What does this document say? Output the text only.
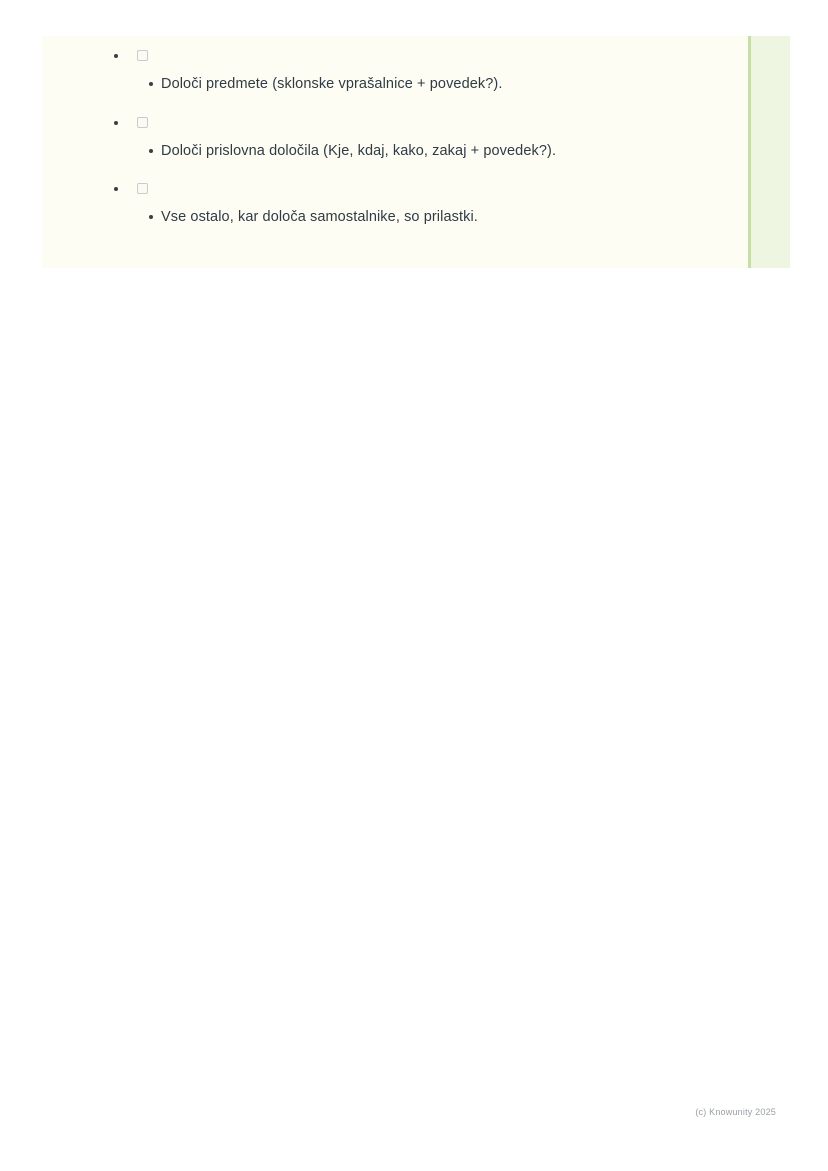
Določi predmete (sklonske vprašalnice + povedek?).
Določi prislovna določila (Kje, kdaj, kako, zakaj + povedek?).
Vse ostalo, kar določa samostalnike, so prilastki.
(c) Knowunity 2025
